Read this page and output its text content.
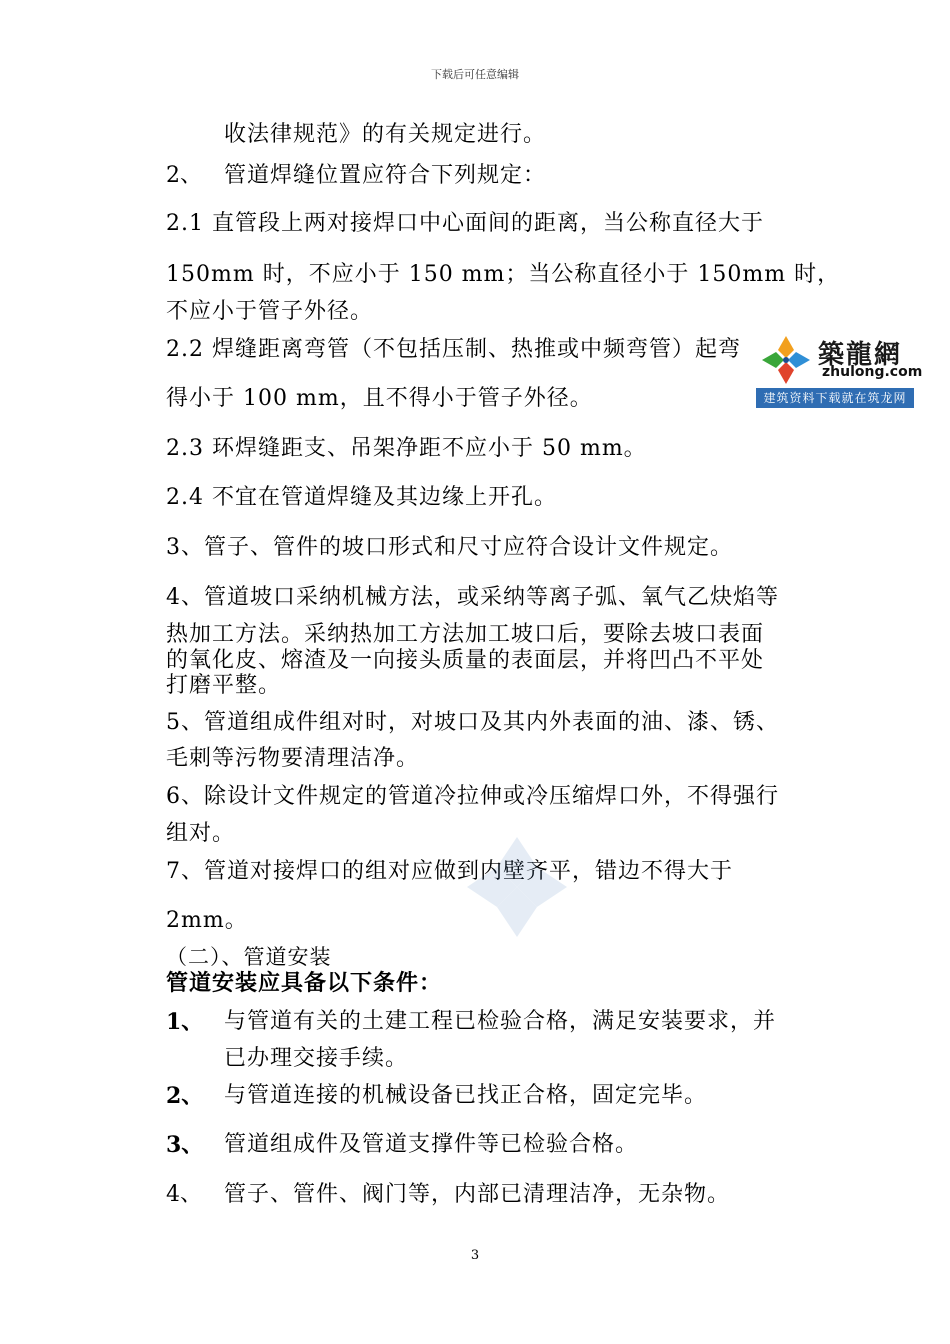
下载后可任意编辑
收法律规范》的有关规定进行。
2、 管道焊缝位置应符合下列规定：
2.1 直管段上两对接焊口中心面间的距离，当公称直径大于
150mm 时，不应小于 150 mm；当公称直径小于 150mm 时，
不应小于管子外径。
2.2 焊缝距离弯管（不包括压制、热推或中频弯管）起弯
得小于 100 mm，且不得小于管子外径。
2.3 环焊缝距支、吊架净距不应小于 50 mm。
2.4 不宜在管道焊缝及其边缘上开孔。
3、管子、管件的坡口形式和尺寸应符合设计文件规定。
4、管道坡口采纳机械方法，或采纳等离子弧、氧气乙炔焰等
热加工方法。采纳热加工方法加工坡口后，要除去坡口表面
的氧化皮、熔渣及一向接头质量的表面层，并将凹凸不平处
打磨平整。
5、管道组成件组对时，对坡口及其内外表面的油、漆、锈、
毛刺等污物要清理洁净。
6、除设计文件规定的管道冷拉伸或冷压缩焊口外，不得强行
组对。
7、管道对接焊口的组对应做到内壁齐平，错边不得大于
2mm。
（二）、管道安装
管道安装应具备以下条件：
1、 与管道有关的土建工程已检验合格，满足安装要求，并
已办理交接手续。
2、 与管道连接的机械设备已找正合格，固定完毕。
3、 管道组成件及管道支撑件等已检验合格。
4、 管子、管件、阀门等，内部已清理洁净，无杂物。
築龍網
zhulong.com
建筑资料下载就在筑龙网
3
